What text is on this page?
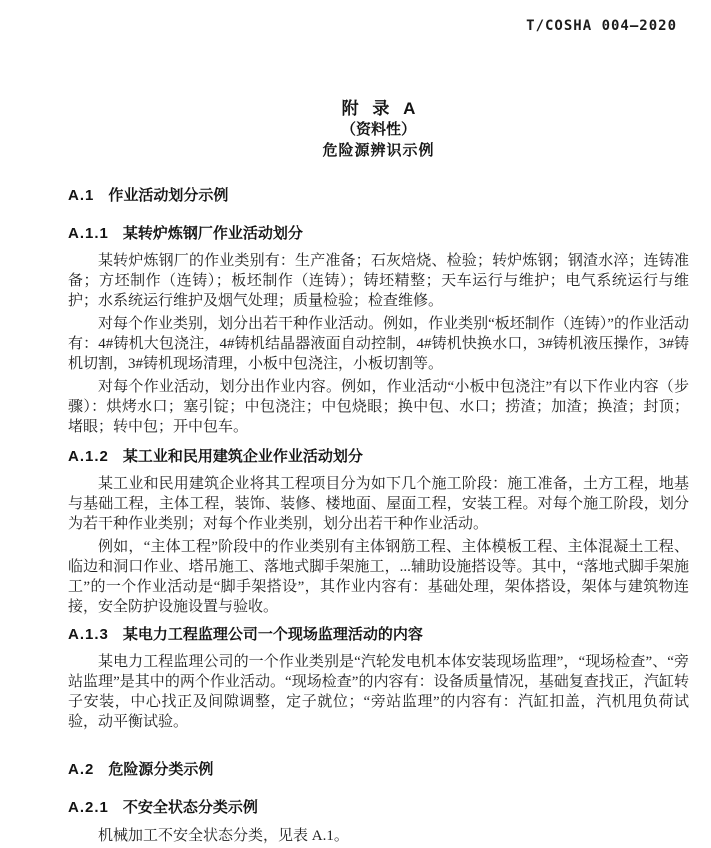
T/COSHA 004—2020
附 录 A
（资料性）
危险源辨识示例
A.1 作业活动划分示例
A.1.1 某转炉炼钢厂作业活动划分

某转炉炼钢厂的作业类别有：生产准备；石灰焙烧、检验；转炉炼钢；钢渣水淬；连铸准备；方坯制作（连铸）；板坯制作（连铸）；铸坯精整；天车运行与维护；电气系统运行与维护；水系统运行维护及烟气处理；质量检验；检查维修。

对每个作业类别，划分出若干种作业活动。例如，作业类别“板坯制作（连铸）”的作业活动有：4#铸机大包浇注，4#铸机结晶器液面自动控制，4#铸机快换水口，3#铸机液压操作，3#铸机切割，3#铸机现场清理，小板中包浇注，小板切割等。

对每个作业活动，划分出作业内容。例如，作业活动“小板中包浇注”有以下作业内容（步骤）：烘烤水口；塞引锭；中包浇注；中包烧眼；换中包、水口；捞渣；加渣；换渣；封顶；堵眼；转中包；开中包车。

A.1.2 某工业和民用建筑企业作业活动划分

某工业和民用建筑企业将其工程项目分为如下几个施工阶段：施工准备，土方工程，地基与基础工程，主体工程，装饰、装修、楼地面、屋面工程，安装工程。对每个施工阶段，划分为若干种作业类别；对每个作业类别，划分出若干种作业活动。

例如，“主体工程”阶段中的作业类别有主体钢筋工程、主体模板工程、主体混凝土工程、临边和洞口作业、塔吊施工、落地式脚手架施工，...辅助设施搭设等。其中，“落地式脚手架施工”的一个作业活动是“脚手架搭设”，其作业内容有：基础处理，架体搭设，架体与建筑物连接，安全防护设施设置与验收。

A.1.3 某电力工程监理公司一个现场监理活动的内容

某电力工程监理公司的一个作业类别是“汽轮发电机本体安装现场监理”，“现场检查”、“旁站监理”是其中的两个作业活动。“现场检查”的内容有：设备质量情况，基础复查找正，汽缸转子安装，中心找正及间隙调整，定子就位；“旁站监理”的内容有：汽缸扣盖，汽机甩负荷试验，动平衡试验。

A.2 危险源分类示例
A.2.1 不安全状态分类示例

机械加工不安全状态分类，见表 A.1。
